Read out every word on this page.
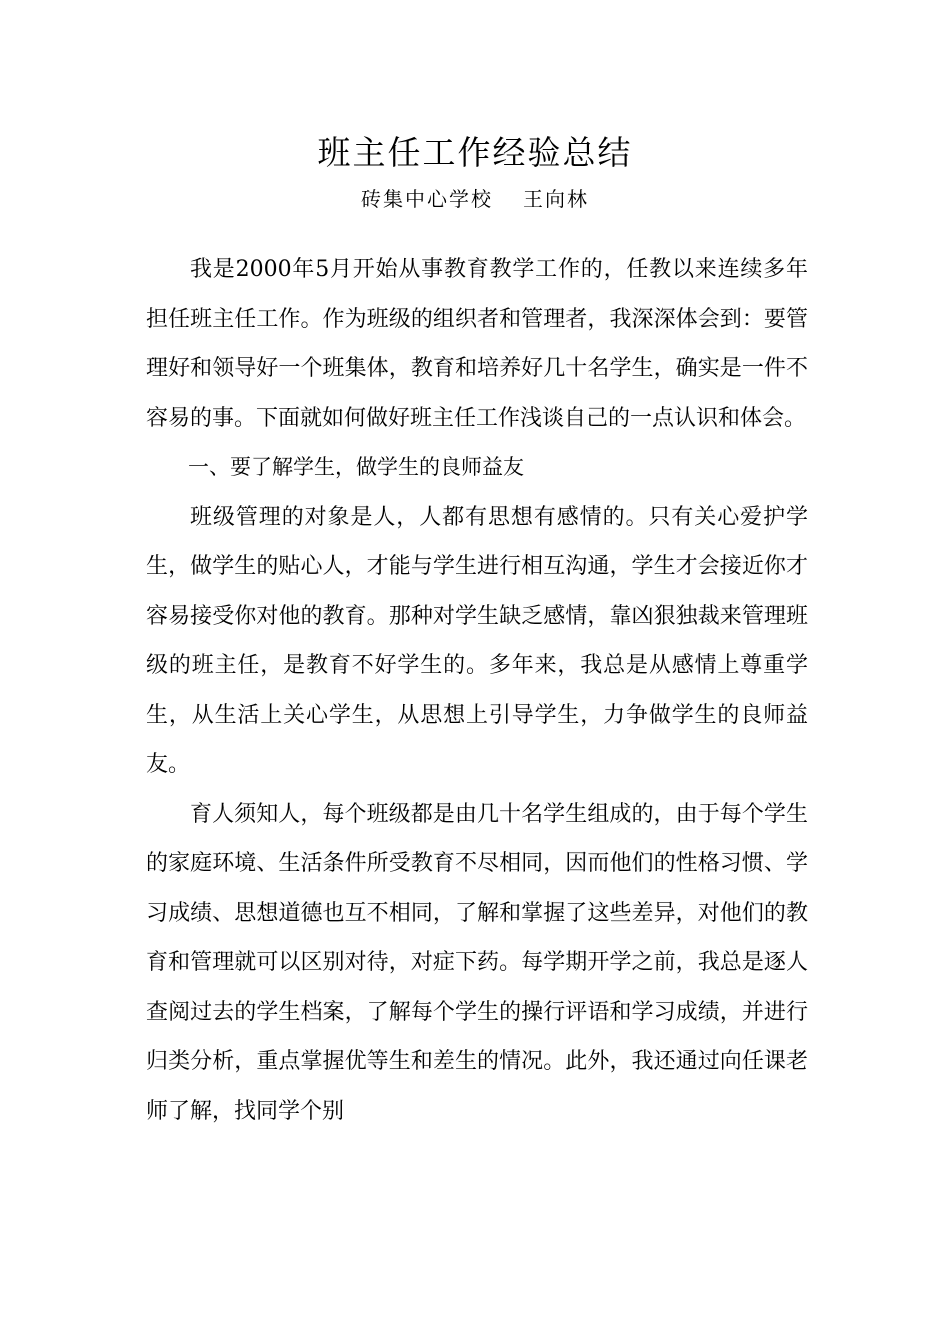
班主任工作经验总结
砖集中心学校 王向林

我是2000年5月开始从事教育教学工作的，任教以来连续多年担任班主任工作。作为班级的组织者和管理者，我深深体会到：要管理好和领导好一个班集体，教育和培养好几十名学生，确实是一件不容易的事。下面就如何做好班主任工作浅谈自己的一点认识和体会。

一、要了解学生，做学生的良师益友

班级管理的对象是人，人都有思想有感情的。只有关心爱护学生，做学生的贴心人，才能与学生进行相互沟通，学生才会接近你才容易接受你对他的教育。那种对学生缺乏感情，靠凶狠独裁来管理班级的班主任，是教育不好学生的。多年来，我总是从感情上尊重学生，从生活上关心学生，从思想上引导学生，力争做学生的良师益友。

育人须知人，每个班级都是由几十名学生组成的，由于每个学生的家庭环境、生活条件所受教育不尽相同，因而他们的性格习惯、学习成绩、思想道德也互不相同，了解和掌握了这些差异，对他们的教育和管理就可以区别对待，对症下药。每学期开学之前，我总是逐人查阅过去的学生档案，了解每个学生的操行评语和学习成绩，并进行归类分析，重点掌握优等生和差生的情况。此外，我还通过向任课老师了解，找同学个别
